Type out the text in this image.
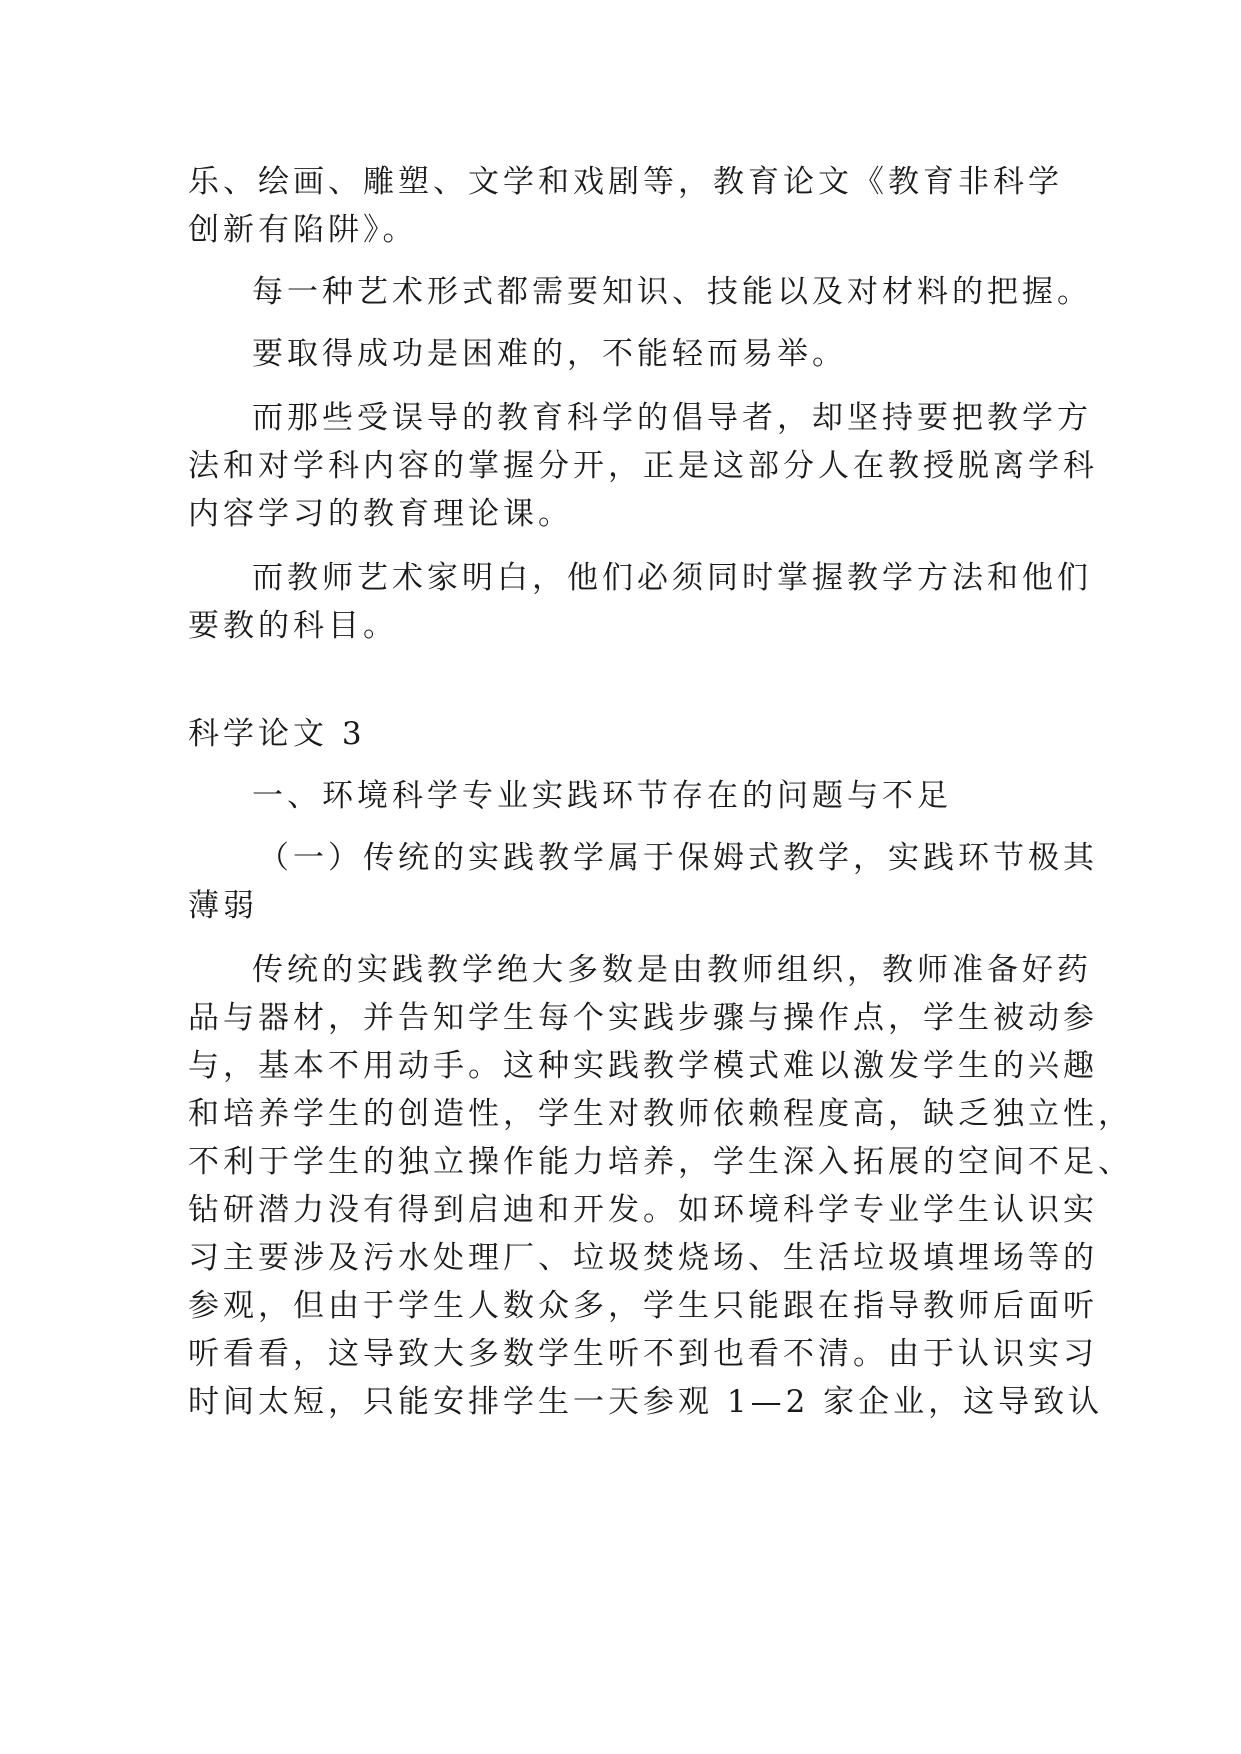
乐、绘画、雕塑、文学和戏剧等，教育论文《教育非科学
创新有陷阱》。
每一种艺术形式都需要知识、技能以及对材料的把握。
要取得成功是困难的，不能轻而易举。
而那些受误导的教育科学的倡导者，却坚持要把教学方
法和对学科内容的掌握分开，正是这部分人在教授脱离学科
内容学习的教育理论课。
而教师艺术家明白，他们必须同时掌握教学方法和他们
要教的科目。
科学论文 3
一、环境科学专业实践环节存在的问题与不足
（一）传统的实践教学属于保姆式教学，实践环节极其
薄弱
传统的实践教学绝大多数是由教师组织，教师准备好药
品与器材，并告知学生每个实践步骤与操作点，学生被动参
与，基本不用动手。这种实践教学模式难以激发学生的兴趣
和培养学生的创造性，学生对教师依赖程度高，缺乏独立性，
不利于学生的独立操作能力培养，学生深入拓展的空间不足、
钻研潜力没有得到启迪和开发。如环境科学专业学生认识实
习主要涉及污水处理厂、垃圾焚烧场、生活垃圾填埋场等的
参观，但由于学生人数众多，学生只能跟在指导教师后面听
听看看，这导致大多数学生听不到也看不清。由于认识实习
时间太短，只能安排学生一天参观 1—2 家企业，这导致认
